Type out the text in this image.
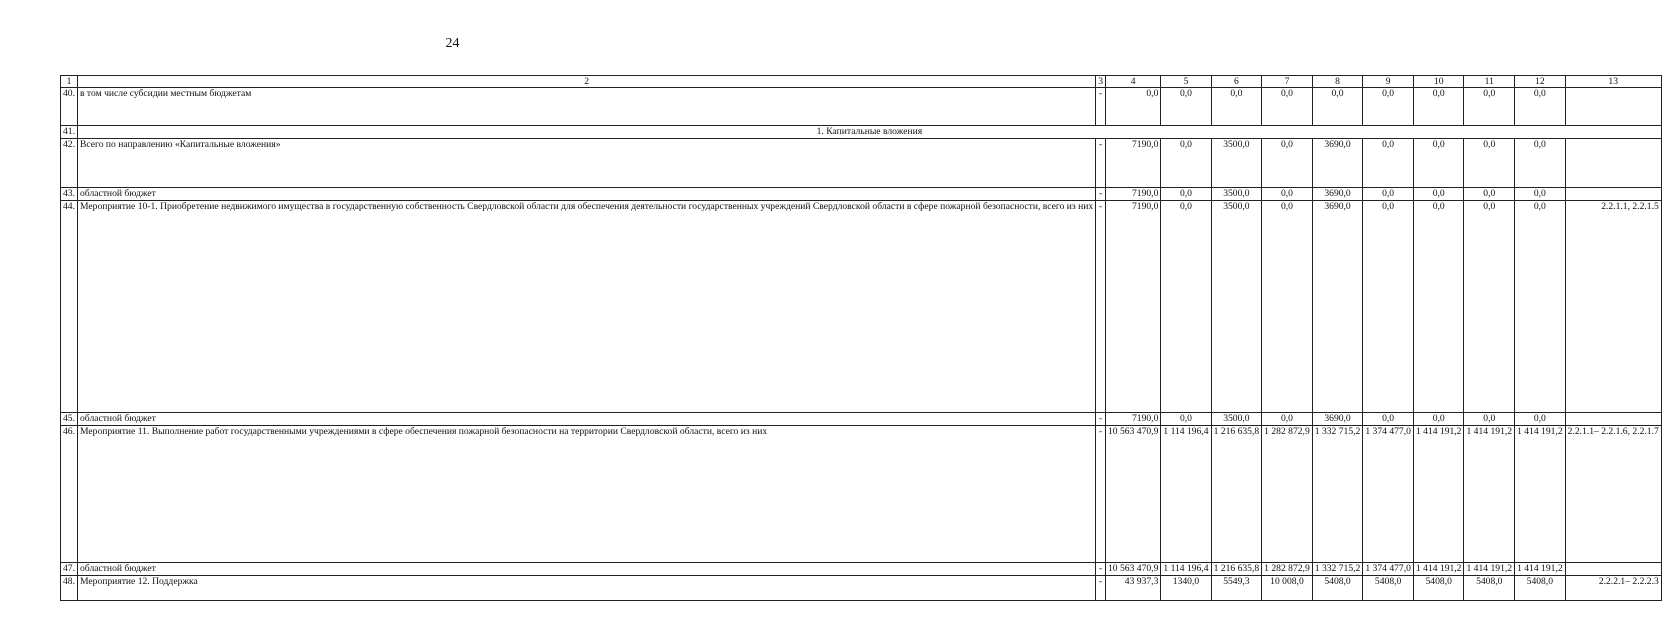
24
1	2	3	4	5	6	7	8	9	10	11	12	13
40.	в том числе субсидии местным бюджетам	-	0,0	0,0	0,0	0,0	0,0	0,0	0,0	0,0	0,0	
41.	1. Капитальные вложения											
42.	Всего по направлению «Капитальные вложения»	-	7190,0	0,0	3500,0	0,0	3690,0	0,0	0,0	0,0	0,0	
43.	областной бюджет	-	7190,0	0,0	3500,0	0,0	3690,0	0,0	0,0	0,0	0,0	
44.	Мероприятие 10-1. Приобретение недвижимого имущества в государственную собственность Свердловской области для обеспечения деятельности государственных учреждений Свердловской области в сфере пожарной безопасности, всего из них	-	7190,0	0,0	3500,0	0,0	3690,0	0,0	0,0	0,0	0,0	2.2.1.1, 2.2.1.5
45.	областной бюджет	-	7190,0	0,0	3500,0	0,0	3690,0	0,0	0,0	0,0	0,0	
46.	Мероприятие 11. Выполнение работ государственными учреждениями в сфере обеспечения пожарной безопасности на территории Свердловской области, всего из них	-	10 563 470,9	1 114 196,4	1 216 635,8	1 282 872,9	1 332 715,2	1 374 477,0	1 414 191,2	1 414 191,2	1 414 191,2	2.2.1.1– 2.2.1.6, 2.2.1.7
47.	областной бюджет	-	10 563 470,9	1 114 196,4	1 216 635,8	1 282 872,9	1 332 715,2	1 374 477,0	1 414 191,2	1 414 191,2	1 414 191,2	
48.	Мероприятие 12. Поддержка	-	43 937,3	1340,0	5549,3	10 008,0	5408,0	5408,0	5408,0	5408,0	5408,0	2.2.2.1– 2.2.2.3
